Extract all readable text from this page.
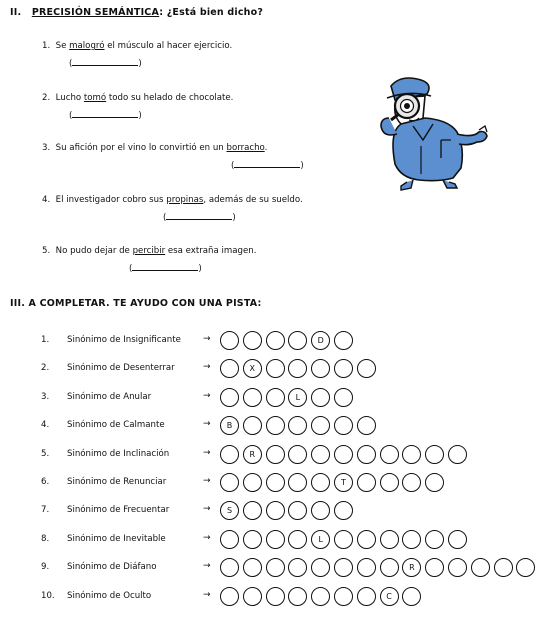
II. PRECISIÓN SEMÁNTICA: ¿Está bien dicho?
1. Se malogró el músculo al hacer ejercicio.
(	)
2. Lucho tomó todo su helado de chocolate.
(	)
3. Su afición por el vino lo convirtió en un borracho.
(	)
4. El investigador cobro sus propinas, además de su sueldo.
(	)
5. No pudo dejar de percibir esa extraña imagen.
(	)
III. A COMPLETAR. TE AYUDO CON UNA PISTA:
1. Sinónimo de Insignificante →	D
2. Sinónimo de Desenterrar	→	X
3. Sinónimo de Anular	→	L
4. Sinónimo de Calmante	→	B
5. Sinónimo de Inclinación	→	R
6. Sinónimo de Renunciar	→	T
7. Sinónimo de Frecuentar	→	S
8. Sinónimo de Inevitable	→	L
9. Sinónimo de Diáfano	→	R
10. Sinónimo de Oculto	→	C
